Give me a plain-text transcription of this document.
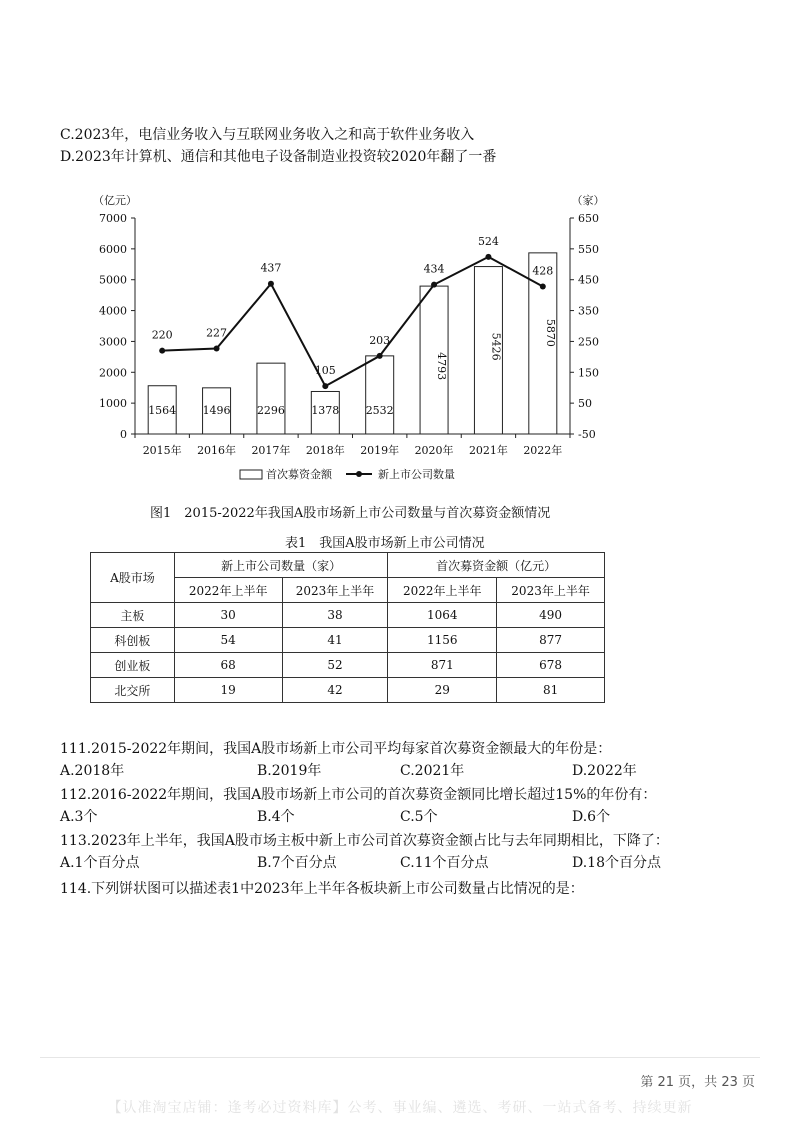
C.2023年，电信业务收入与互联网业务收入之和高于软件业务收入
D.2023年计算机、通信和其他电子设备制造业投资较2020年翻了一番
0
1000
2000
3000
4000
5000
6000
7000
-50
50
150
250
350
450
550
650
（亿元）	（家）
2015年 2016年 2017年 2018年 2019年 2020年 2021年 2022年
1564 1496 2296 1378 2532
4793
5426	5870
220	227
437
105
203
434
524
428
首次募资金额	新上市公司数量
图1　2015-2022年我国A股市场新上市公司数量与首次募资金额情况
表1　我国A股市场新上市公司情况
A股市场	新上市公司数量（家）		首次募资金额（亿元）	
	2022年上半年	2023年上半年	2022年上半年	2023年上半年
主板	30	38	1064	490
科创板	54	41	1156	877
创业板	68	52	871	678
北交所	19	42	29	81
111.2015-2022年期间，我国A股市场新上市公司平均每家首次募资金额最大的年份是：
A.2018年	B.2019年	C.2021年	D.2022年
112.2016-2022年期间，我国A股市场新上市公司的首次募资金额同比增长超过15%的年份有：
A.3个	B.4个	C.5个	D.6个
113.2023年上半年，我国A股市场主板中新上市公司首次募资金额占比与去年同期相比，下降了：
A.1个百分点	B.7个百分点	C.11个百分点	D.18个百分点
114.下列饼状图可以描述表1中2023年上半年各板块新上市公司数量占比情况的是：
第 21 页，共 23 页
【认准淘宝店铺：逢考必过资料库】公考、事业编、遴选、考研、一站式备考、持续更新
